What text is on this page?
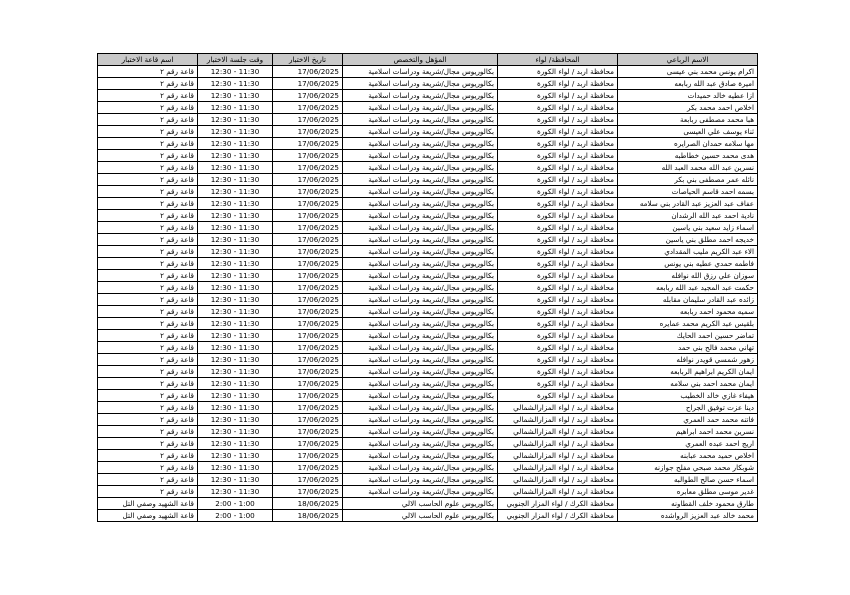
الاسم الرباعي	المحافظة/ لواء	المؤهل والتخصص	تاريخ الاختبار	وقت جلسة الاختبار	اسم قاعة الاختبار
اكرام يونس محمد بني عيسى	محافظة اربد / لواء الكورة	بكالوريوس مجال/شريعة ودراسات اسلامية	17/06/2025	11:30 - 12:30	قاعة رقم ٢
اميرة صادق عبد الله ربابعه	محافظة اربد / لواء الكورة	بكالوريوس مجال/شريعة ودراسات اسلامية	17/06/2025	11:30 - 12:30	قاعة رقم ٢
ازا عطيه خالد حميدات	محافظة اربد / لواء الكورة	بكالوريوس مجال/شريعة ودراسات اسلامية	17/06/2025	11:30 - 12:30	قاعة رقم ٢
اخلاص احمد محمد بكر	محافظة اربد / لواء الكورة	بكالوريوس مجال/شريعة ودراسات اسلامية	17/06/2025	11:30 - 12:30	قاعة رقم ٢
هبا محمد مصطفى ربابعة	محافظة اربد / لواء الكورة	بكالوريوس مجال/شريعة ودراسات اسلامية	17/06/2025	11:30 - 12:30	قاعة رقم ٢
ثناء يوسف علي العيسى	محافظة اربد / لواء الكورة	بكالوريوس مجال/شريعة ودراسات اسلامية	17/06/2025	11:30 - 12:30	قاعة رقم ٢
مها سلامه حمدان الصرايره	محافظة اربد / لواء الكورة	بكالوريوس مجال/شريعة ودراسات اسلامية	17/06/2025	11:30 - 12:30	قاعة رقم ٢
هدى محمد حسين خطاطبه	محافظة اربد / لواء الكورة	بكالوريوس مجال/شريعة ودراسات اسلامية	17/06/2025	11:30 - 12:30	قاعة رقم ٢
نسرين عبد الله محمد العبد الله	محافظة اربد / لواء الكورة	بكالوريوس مجال/شريعة ودراسات اسلامية	17/06/2025	11:30 - 12:30	قاعة رقم ٢
نائله عمر مصطفى بني بكر	محافظة اربد / لواء الكورة	بكالوريوس مجال/شريعة ودراسات اسلامية	17/06/2025	11:30 - 12:30	قاعة رقم ٢
بسمه احمد قاسم الحياصات	محافظة اربد / لواء الكورة	بكالوريوس مجال/شريعة ودراسات اسلامية	17/06/2025	11:30 - 12:30	قاعة رقم ٢
عفاف عبد العزيز عبد القادر بني سلامه	محافظة اربد / لواء الكورة	بكالوريوس مجال/شريعة ودراسات اسلامية	17/06/2025	11:30 - 12:30	قاعة رقم ٢
نادية احمد عبد الله الرشدان	محافظة اربد / لواء الكورة	بكالوريوس مجال/شريعة ودراسات اسلامية	17/06/2025	11:30 - 12:30	قاعة رقم ٢
اسماء زايد سعيد بني ياسين	محافظة اربد / لواء الكورة	بكالوريوس مجال/شريعة ودراسات اسلامية	17/06/2025	11:30 - 12:30	قاعة رقم ٢
خديجه احمد مطلق بني ياسين	محافظة اربد / لواء الكورة	بكالوريوس مجال/شريعة ودراسات اسلامية	17/06/2025	11:30 - 12:30	قاعة رقم ٢
الاء عبد الكريم مليب المقدادي	محافظة اربد / لواء الكورة	بكالوريوس مجال/شريعة ودراسات اسلامية	17/06/2025	11:30 - 12:30	قاعة رقم ٢
فاطمه حمدي عطيه بني يونس	محافظة اربد / لواء الكورة	بكالوريوس مجال/شريعة ودراسات اسلامية	17/06/2025	11:30 - 12:30	قاعة رقم ٢
سوزان علي رزق الله نوافله	محافظة اربد / لواء الكورة	بكالوريوس مجال/شريعة ودراسات اسلامية	17/06/2025	11:30 - 12:30	قاعة رقم ٢
حكمت عبد المجيد عبد الله ربابعه	محافظة اربد / لواء الكورة	بكالوريوس مجال/شريعة ودراسات اسلامية	17/06/2025	11:30 - 12:30	قاعة رقم ٢
زائده عبد القادر سليمان مقابله	محافظة اربد / لواء الكورة	بكالوريوس مجال/شريعة ودراسات اسلامية	17/06/2025	11:30 - 12:30	قاعة رقم ٢
سميه محمود احمد ربابعه	محافظة اربد / لواء الكورة	بكالوريوس مجال/شريعة ودراسات اسلامية	17/06/2025	11:30 - 12:30	قاعة رقم ٢
بلقيس عبد الكريم محمد عمايره	محافظة اربد / لواء الكورة	بكالوريوس مجال/شريعة ودراسات اسلامية	17/06/2025	11:30 - 12:30	قاعة رقم ٢
تماضر حسين احمد الحايك	محافظة اربد / لواء الكورة	بكالوريوس مجال/شريعة ودراسات اسلامية	17/06/2025	11:30 - 12:30	قاعة رقم ٢
تهاني محمد فالح بني حمد	محافظة اربد / لواء الكورة	بكالوريوس مجال/شريعة ودراسات اسلامية	17/06/2025	11:30 - 12:30	قاعة رقم ٢
زهور شمسي قويدر نوافله	محافظة اربد / لواء الكورة	بكالوريوس مجال/شريعة ودراسات اسلامية	17/06/2025	11:30 - 12:30	قاعة رقم ٢
ايمان الكريم ابراهيم الربابعه	محافظة اربد / لواء الكورة	بكالوريوس مجال/شريعة ودراسات اسلامية	17/06/2025	11:30 - 12:30	قاعة رقم ٢
ايمان محمد احمد بني سلامه	محافظة اربد / لواء الكورة	بكالوريوس مجال/شريعة ودراسات اسلامية	17/06/2025	11:30 - 12:30	قاعة رقم ٢
هيفاء غازي خالد الخطيب	محافظة اربد / لواء الكورة	بكالوريوس مجال/شريعة ودراسات اسلامية	17/06/2025	11:30 - 12:30	قاعة رقم ٢
دينا عزت توفيق الجراح	محافظة اربد / لواء المزارالشمالي	بكالوريوس مجال/شريعة ودراسات اسلامية	17/06/2025	11:30 - 12:30	قاعة رقم ٢
فاتنه محمد حمد العمري	محافظة اربد / لواء المزارالشمالي	بكالوريوس مجال/شريعة ودراسات اسلامية	17/06/2025	11:30 - 12:30	قاعة رقم ٢
نسرين محمد احمد ابراهيم	محافظة اربد / لواء المزارالشمالي	بكالوريوس مجال/شريعة ودراسات اسلامية	17/06/2025	11:30 - 12:30	قاعة رقم ٢
اريج احمد عبده العمري	محافظة اربد / لواء المزارالشمالي	بكالوريوس مجال/شريعة ودراسات اسلامية	17/06/2025	11:30 - 12:30	قاعة رقم ٢
اخلاص حميد محمد عبابنه	محافظة اربد / لواء المزارالشمالي	بكالوريوس مجال/شريعة ودراسات اسلامية	17/06/2025	11:30 - 12:30	قاعة رقم ٢
شوبكار محمد صبحي مفلح جوازنه	محافظة اربد / لواء المزارالشمالي	بكالوريوس مجال/شريعة ودراسات اسلامية	17/06/2025	11:30 - 12:30	قاعة رقم ٢
اسماء حسن صالح الطوالبه	محافظة اربد / لواء المزارالشمالي	بكالوريوس مجال/شريعة ودراسات اسلامية	17/06/2025	11:30 - 12:30	قاعة رقم ٢
غدير موسى مطلق معابره	محافظة اربد / لواء المزارالشمالي	بكالوريوس مجال/شريعة ودراسات اسلامية	17/06/2025	11:30 - 12:30	قاعة رقم ٢
طارق محمود خلف القطاونه	محافظة الكرك / لواء المزار الجنوبي	بكالوريوس علوم الحاسب الالي	18/06/2025	1:00 - 2:00	قاعة الشهيد وصفي التل
محمد خالد عبد العزيز الرواشده	محافظة الكرك / لواء المزار الجنوبي	بكالوريوس علوم الحاسب الالي	18/06/2025	1:00 - 2:00	قاعة الشهيد وصفي التل
